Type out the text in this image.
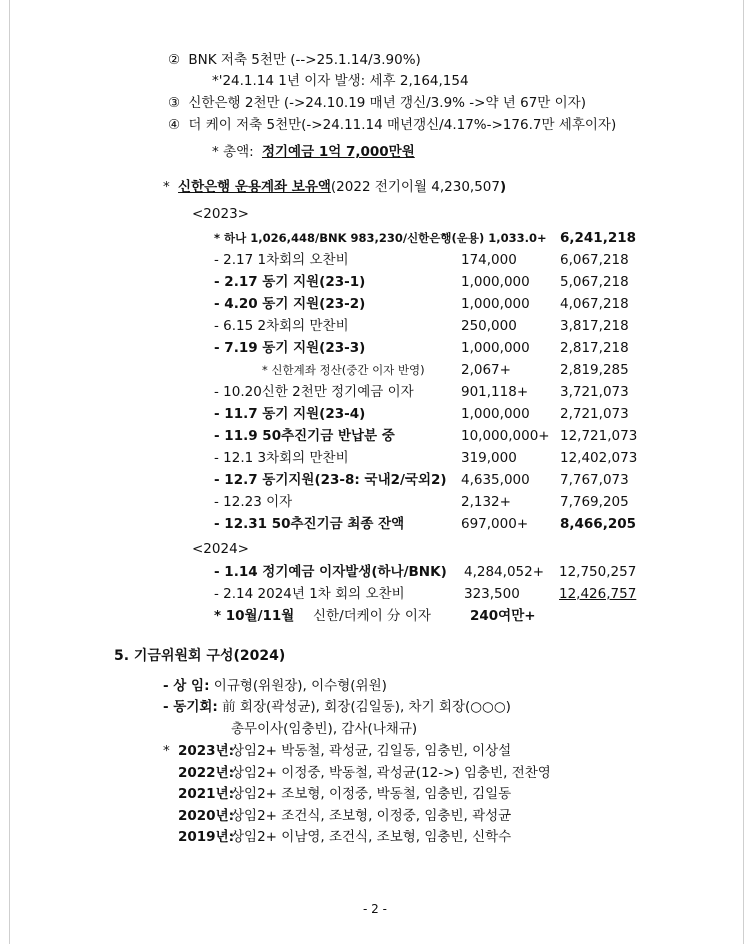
② BNK 저축 5천만 (-->25.1.14/3.90%)
*'24.1.14 1년 이자 발생: 세후 2,164,154
③ 신한은행 2천만 (->24.10.19 매년 갱신/3.9% ->약 년 67만 이자)
④ 더 케이 저축 5천만(->24.11.14 매년갱신/4.17%->176.7만 세후이자)
* 총액: 정기예금 1억 7,000만원
* 신한은행 운용계좌 보유액(2022 전기이월 4,230,507)
<2023>
* 하나 1,026,448/BNK 983,230/신한은행(운용) 1,033.0+ 6,241,218
- 2.17 1차회의 오찬비	174,000	6,067,218
- 2.17 동기 지원(23-1)	1,000,000 5,067,218
- 4.20 동기 지원(23-2)	1,000,000 4,067,218
- 6.15 2차회의 만찬비	250,000	3,817,218
- 7.19 동기 지원(23-3)	1,000,000 2,817,218
* 신한계좌 정산(중간 이자 반영)	2,067+	2,819,285
- 10.20신한 2천만 정기예금 이자	901,118+ 3,721,073
- 11.7 동기 지원(23-4)	1,000,000 2,721,073
- 11.9 50추진기금 반납분 중	10,000,000+ 12,721,073
- 12.1 3차회의 만찬비	319,000	12,402,073
- 12.7 동기지원(23-8: 국내2/국외2) 4,635,000 7,767,073
- 12.23 이자	2,132+	7,769,205
- 12.31 50추진기금 최종 잔액	697,000+ 8,466,205
<2024>
- 1.14 정기예금 이자발생(하나/BNK) 4,284,052+ 12,750,257
- 2.14 2024년 1차 회의 오찬비	323,500	12,426,757
* 10월/11월 신한/더케이 分 이자	240여만+
5. 기금위원회 구성(2024)
- 상 임: 이규형(위원장), 이수형(위원)
- 동기회: 前 회장(곽성균), 회장(김일동), 차기 회장(○○○)
총무이사(임충빈), 감사(나채규)
* 2023년:
상임2+ 박동철, 곽성균, 김일동, 임충빈, 이상설
2022년:
상임2+ 이정중, 박동철, 곽성균(12->) 임충빈, 전찬영
2021년:
상임2+ 조보형, 이정중, 박동철, 임충빈, 김일동
2020년:
상임2+ 조건식, 조보형, 이정중, 임충빈, 곽성균
2019년:
상임2+ 이남영, 조건식, 조보형, 임충빈, 신학수
- 2 -
